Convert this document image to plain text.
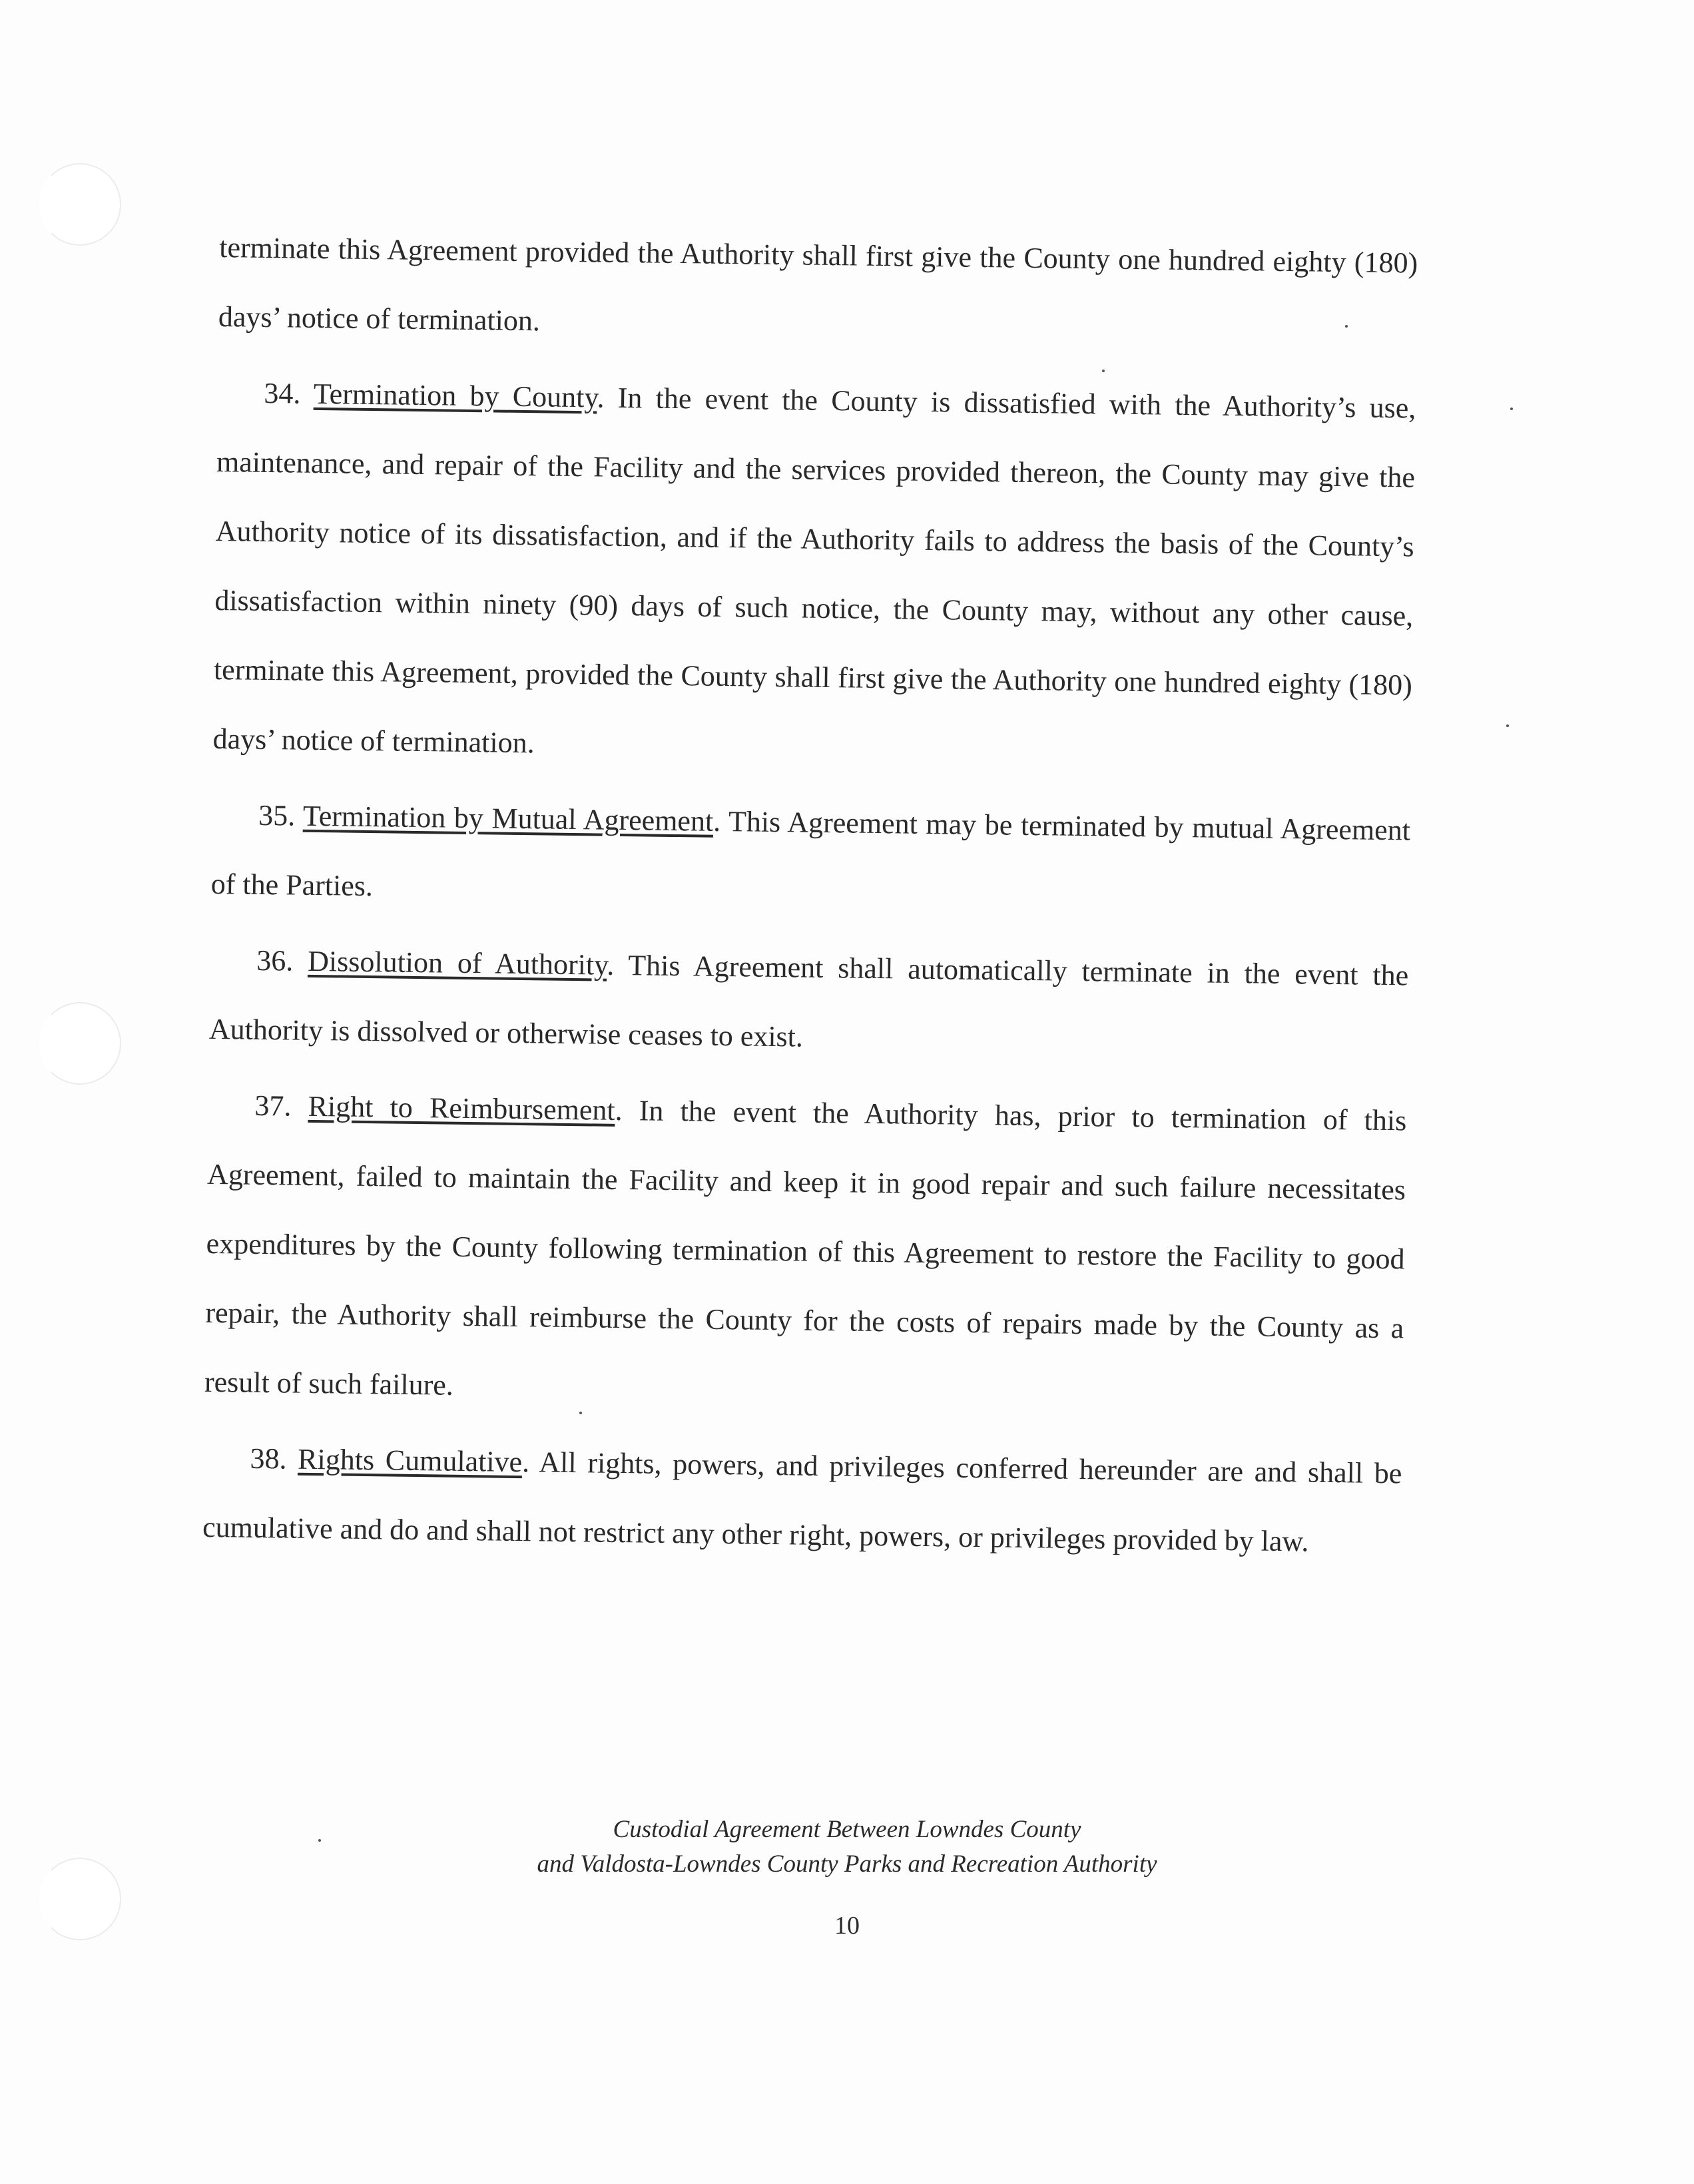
terminate this Agreement provided the Authority shall first give the County one hundred eighty (180) days’ notice of termination.

34. Termination by County. In the event the County is dissatisfied with the Authority’s use, maintenance, and repair of the Facility and the services provided thereon, the County may give the Authority notice of its dissatisfaction, and if the Authority fails to address the basis of the County’s dissatisfaction within ninety (90) days of such notice, the County may, without any other cause, terminate this Agreement, provided the County shall first give the Authority one hundred eighty (180) days’ notice of termination.

35. Termination by Mutual Agreement. This Agreement may be terminated by mutual Agreement of the Parties.

36. Dissolution of Authority. This Agreement shall automatically terminate in the event the Authority is dissolved or otherwise ceases to exist.

37. Right to Reimbursement. In the event the Authority has, prior to termination of this Agreement, failed to maintain the Facility and keep it in good repair and such failure necessitates expenditures by the County following termination of this Agreement to restore the Facility to good repair, the Authority shall reimburse the County for the costs of repairs made by the County as a result of such failure.

38. Rights Cumulative. All rights, powers, and privileges conferred hereunder are and shall be cumulative and do and shall not restrict any other right, powers, or privileges provided by law.

Custodial Agreement Between Lowndes County
and Valdosta-Lowndes County Parks and Recreation Authority
10
